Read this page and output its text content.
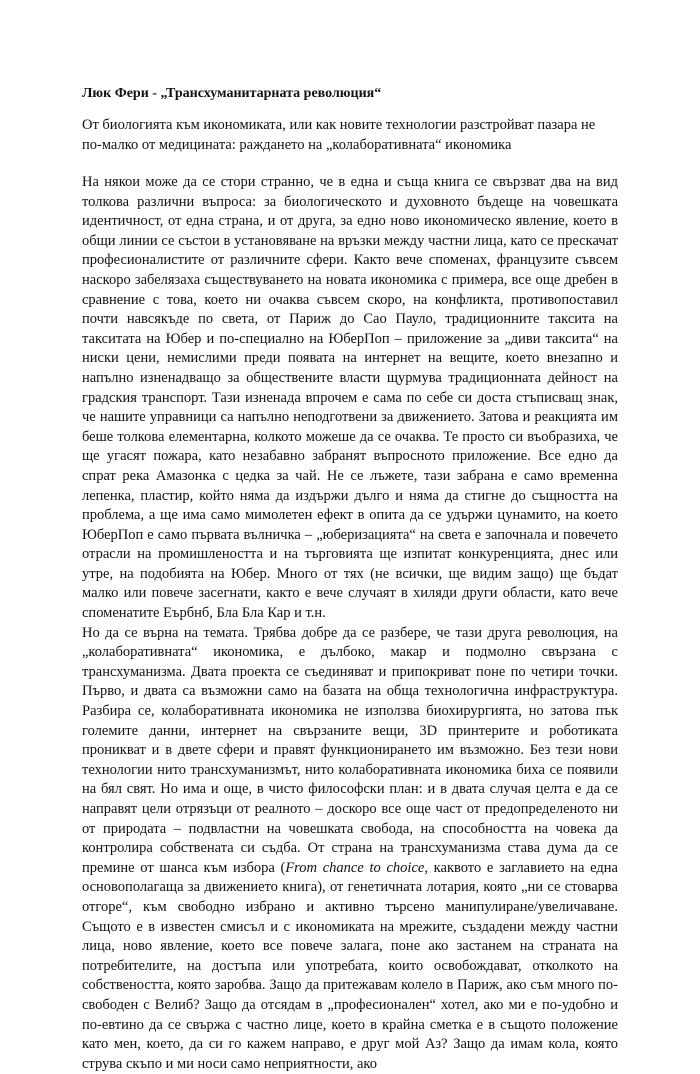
Люк Фери - „Трансхуманитарната революция“

От биологията към икономиката, или как новите технологии разстройват пазара не по-малко от медицината: раждането на „колаборативната“ икономика

На някои може да се стори странно, че в една и съща книга се свързват два на вид толкова различни въпроса: за биологическото и духовното бъдеще на човешката идентичност, от една страна, и от друга, за едно ново икономическо явление, което в общи линии се състои в установяване на връзки между частни лица, като се прескачат професионалистите от различните сфери. Както вече споменах, французите съвсем наскоро забелязаха съществуването на новата икономика с примера, все още дребен в сравнение с това, което ни очаква съвсем скоро, на конфликта, противопоставил почти навсякъде по света, от Париж до Сао Пауло, традиционните таксита на такситата на Юбер и по-специално на ЮберПоп – приложение за „диви таксита“ на ниски цени, немислими преди появата на интернет на вещите, което внезапно и напълно изненадващо за обществените власти щурмува традиционната дейност на градския транспорт. Тази изненада впрочем е сама по себе си доста стъписващ знак, че нашите управници са напълно неподготвени за движението. Затова и реакцията им беше толкова елементарна, колкото можеше да се очаква. Те просто си въобразиха, че ще угасят пожара, като незабавно забранят въпросното приложение. Все едно да спрат река Амазонка с цедка за чай. Не се лъжете, тази забрана е само временна лепенка, пластир, който няма да издържи дълго и няма да стигне до същността на проблема, а ще има само мимолетен ефект в опита да се удържи цунамито, на което ЮберПоп е само първата вълничка – „юберизацията“ на света е започнала и повечето отрасли на промишлеността и на търговията ще изпитат конкуренцията, днес или утре, на подобията на Юбер. Много от тях (не всички, ще видим защо) ще бъдат малко или повече засегнати, както е вече случаят в хиляди други области, като вече споменатите Еърбнб, Бла Бла Кар и т.н.

Но да се върна на темата. Трябва добре да се разбере, че тази друга революция, на „колаборативната“ икономика, е дълбоко, макар и подмолно свързана с трансхуманизма. Двата проекта се съединяват и припокриват поне по четири точки. Първо, и двата са възможни само на базата на обща технологична инфраструктура. Разбира се, колаборативната икономика не използва биохирургията, но затова пък големите данни, интернет на свързаните вещи, 3D принтерите и роботиката проникват и в двете сфери и правят функционирането им възможно. Без тези нови технологии нито трансхуманизмът, нито колаборативната икономика биха се появили на бял свят. Но има и още, в чисто философски план: и в двата случая целта е да се направят цели отрязъци от реалното – доскоро все още част от предопределеното ни от природата – подвластни на човешката свобода, на способността на човека да контролира собствената си съдба. От страна на трансхуманизма става дума да се премине от шанса към избора (From chance to choice, каквото е заглавието на една основополагаща за движението книга), от генетичната лотария, която „ни се стоварва отгоре“, към свободно избрано и активно търсено манипулиране/увеличаване. Същото е в известен смисъл и с икономиката на мрежите, създадени между частни лица, ново явление, което все повече залага, поне ако застанем на страната на потребителите, на достъпа или употребата, които освобождават, отколкото на собствеността, която заробва. Защо да притежавам колело в Париж, ако съм много по-свободен с Велиб? Защо да отсядам в „професионален“ хотел, ако ми е по-удобно и по-евтино да се свържа с частно лице, което в крайна сметка е в същото положение като мен, което, да си го кажем направо, е друг мой Аз? Защо да имам кола, която струва скъпо и ми носи само неприятности, ако
